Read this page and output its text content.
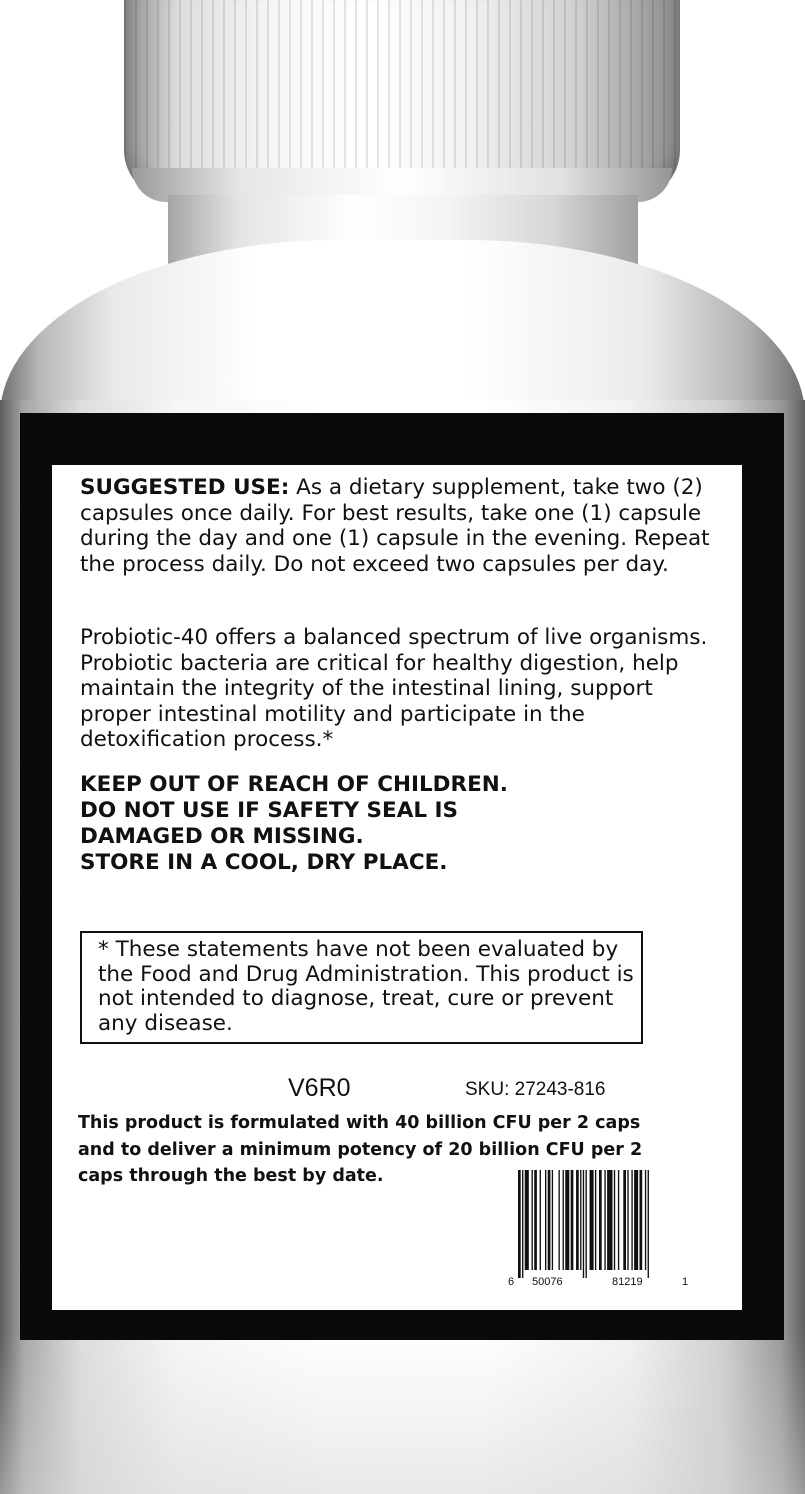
SUGGESTED USE: As a dietary supplement, take two (2) capsules once daily. For best results, take one (1) capsule during the day and one (1) capsule in the evening. Repeat the process daily. Do not exceed two capsules per day.
Probiotic-40 offers a balanced spectrum of live organisms. Probiotic bacteria are critical for healthy digestion, help maintain the integrity of the intestinal lining, support proper intestinal motility and participate in the detoxification process.*
KEEP OUT OF REACH OF CHILDREN.
DO NOT USE IF SAFETY SEAL IS
DAMAGED OR MISSING.
STORE IN A COOL, DRY PLACE.
* These statements have not been evaluated by the Food and Drug Administration. This product is not intended to diagnose, treat, cure or prevent any disease.
V6R0	SKU: 27243-816
This product is formulated with 40 billion CFU per 2 caps and to deliver a minimum potency of 20 billion CFU per 2 caps through the best by date.
6 50076	81219	1
